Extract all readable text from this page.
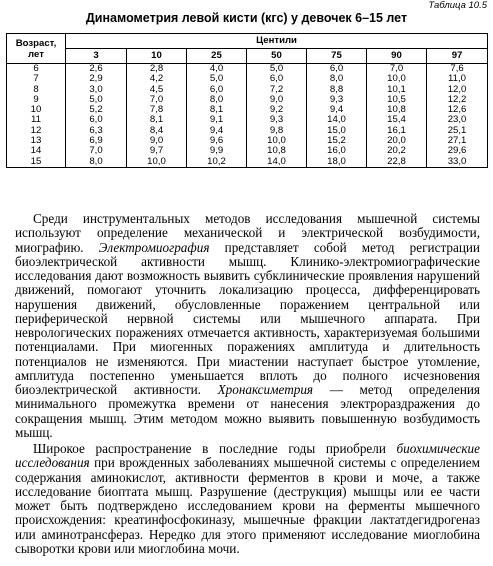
Таблица 10.5
Динамометрия левой кисти (кгс) у девочек 6–15 лет
Возраст, лет	Центили						
	3	10	25	50	75	90	97
6	2,6	2,8	4,0	5,0	6,0	7,0	7,6
7	2,9	4,2	5,0	6,0	8,0	10,0	11,0
8	3,0	4,5	6,0	7,2	8,8	10,1	12,0
9	5,0	7,0	8,0	9,0	9,3	10,5	12,2
10	5,2	7,8	8,1	9,2	9,4	10,8	12,6
11	6,0	8,1	9,1	9,3	14,0	15,4	23,0
12	6,3	8,4	9,4	9,8	15,0	16,1	25,1
13	6,9	9,0	9,6	10,0	15,2	20,0	27,1
14	7,0	9,7	9,9	10,8	16,0	20,2	29,6
15	8,0	10,0	10,2	14,0	18,0	22,8	33,0

Среди инструментальных методов исследования мышечной системы используют определение механической и электрической возбудимости, миографию. Электромиография представляет собой метод регистрации биоэлектрической активности мышц. Клинико-электромиографические исследования дают возможность выявить субклинические проявления нарушений движений, помогают уточнить локализацию процесса, дифференцировать нарушения движений, обусловленные поражением центральной или периферической нервной системы или мышечного аппарата. При неврологических поражениях отмечается активность, характеризуемая большими потенциалами. При миогенных поражениях амплитуда и длительность потенциалов не изменяются. При миастении наступает быстрое утомление, амплитуда постепенно уменьшается вплоть до полного исчезновения биоэлектрической активности. Хронаксиметрия — метод определения минимального промежутка времени от нанесения электрораздражения до сокращения мышц. Этим методом можно выявить повышенную возбудимость мышц.

Широкое распространение в последние годы приобрели биохимические исследования при врожденных заболеваниях мышечной системы с определением содержания аминокислот, активности ферментов в крови и моче, а также исследование биоптата мышц. Разрушение (деструкция) мышцы или ее части может быть подтверждено исследованием крови на ферменты мышечного происхождения: креатинфосфокиназу, мышечные фракции лактатдегидрогеназ или аминотрансфераз. Нередко для этого применяют исследование миоглобина сыворотки крови или миоглобина мочи.
